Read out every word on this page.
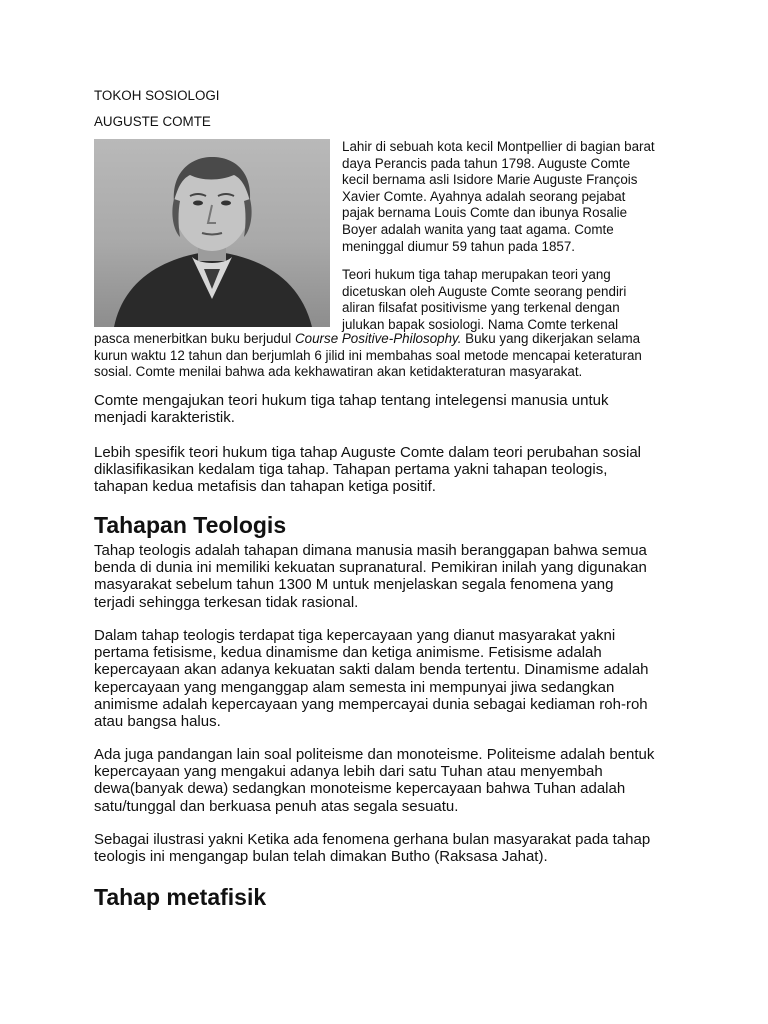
TOKOH SOSIOLOGI

AUGUSTE COMTE

Lahir di sebuah kota kecil Montpellier di bagian barat
daya Perancis pada tahun 1798. Auguste Comte
kecil bernama asli Isidore Marie Auguste François
Xavier Comte. Ayahnya adalah seorang pejabat
pajak bernama Louis Comte dan ibunya Rosalie
Boyer adalah wanita yang taat agama. Comte
meninggal diumur 59 tahun pada 1857.
Teori hukum tiga tahap merupakan teori yang
dicetuskan oleh Auguste Comte seorang pendiri
aliran filsafat positivisme yang terkenal dengan
julukan bapak sosiologi. Nama Comte terkenal
pasca menerbitkan buku berjudul Course Positive-Philosophy. Buku yang dikerjakan selama
kurun waktu 12 tahun dan berjumlah 6 jilid ini membahas soal metode mencapai keteraturan
sosial. Comte menilai bahwa ada kekhawatiran akan ketidakteraturan masyarakat.
Comte mengajukan teori hukum tiga tahap tentang intelegensi manusia untuk
menjadi karakteristik.
Lebih spesifik teori hukum tiga tahap Auguste Comte dalam teori perubahan sosial
diklasifikasikan kedalam tiga tahap. Tahapan pertama yakni tahapan teologis,
tahapan kedua metafisis dan tahapan ketiga positif.
Tahapan Teologis
Tahap teologis adalah tahapan dimana manusia masih beranggapan bahwa semua
benda di dunia ini memiliki kekuatan supranatural. Pemikiran inilah yang digunakan
masyarakat sebelum tahun 1300 M untuk menjelaskan segala fenomena yang
terjadi sehingga terkesan tidak rasional.
Dalam tahap teologis terdapat tiga kepercayaan yang dianut masyarakat yakni
pertama fetisisme, kedua dinamisme dan ketiga animisme. Fetisisme adalah
kepercayaan akan adanya kekuatan sakti dalam benda tertentu. Dinamisme adalah
kepercayaan yang menganggap alam semesta ini mempunyai jiwa sedangkan
animisme adalah kepercayaan yang mempercayai dunia sebagai kediaman roh-roh
atau bangsa halus.
Ada juga pandangan lain soal politeisme dan monoteisme. Politeisme adalah bentuk
kepercayaan yang mengakui adanya lebih dari satu Tuhan atau menyembah
dewa(banyak dewa) sedangkan monoteisme kepercayaan bahwa Tuhan adalah
satu/tunggal dan berkuasa penuh atas segala sesuatu.
Sebagai ilustrasi yakni Ketika ada fenomena gerhana bulan masyarakat pada tahap
teologis ini mengangap bulan telah dimakan Butho (Raksasa Jahat).
Tahap metafisik
